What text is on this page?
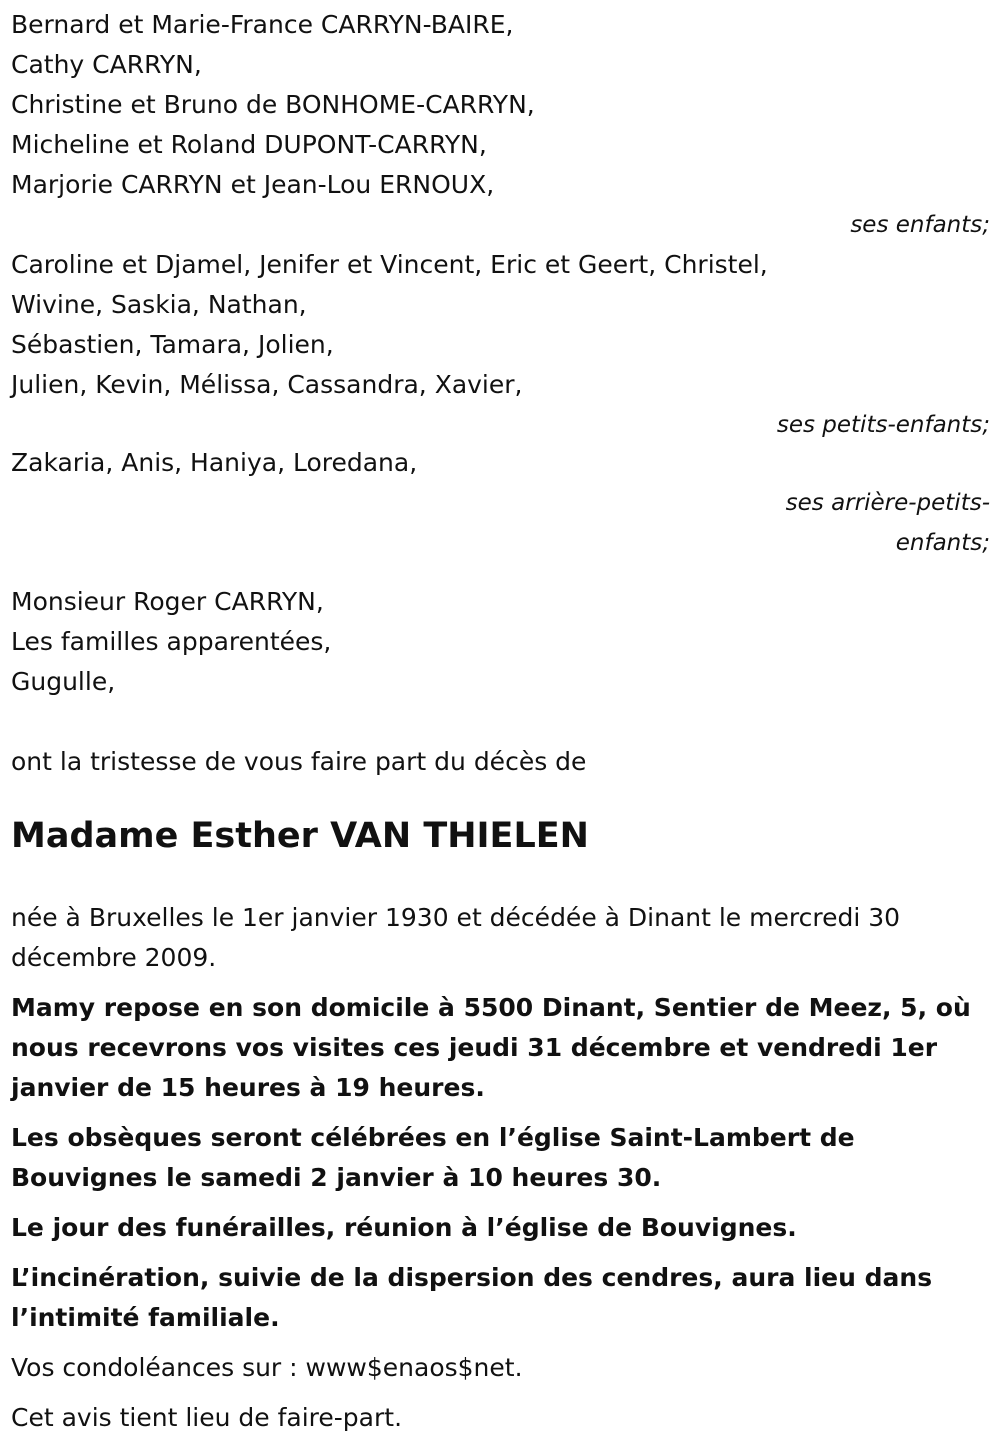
Bernard et Marie-France CARRYN-BAIRE,
Cathy CARRYN,
Christine et Bruno de BONHOME-CARRYN,
Micheline et Roland DUPONT-CARRYN,
Marjorie CARRYN et Jean-Lou ERNOUX,
ses enfants;
Caroline et Djamel, Jenifer et Vincent, Eric et Geert, Christel,
Wivine, Saskia, Nathan,
Sébastien, Tamara, Jolien,
Julien, Kevin, Mélissa, Cassandra, Xavier,
ses petits-enfants;
Zakaria, Anis, Haniya, Loredana,
ses arrière-petits-
enfants;
Monsieur Roger CARRYN,
Les familles apparentées,
Gugulle,
ont la tristesse de vous faire part du décès de
Madame Esther VAN THIELEN
née à Bruxelles le 1er janvier 1930 et décédée à Dinant le mercredi 30
décembre 2009.
Mamy repose en son domicile à 5500 Dinant, Sentier de Meez, 5, où nous recevrons vos visites ces jeudi 31 décembre et vendredi 1er janvier de 15 heures à 19 heures.
Les obsèques seront célébrées en l’église Saint-Lambert de Bouvignes le samedi 2 janvier à 10 heures 30.
Le jour des funérailles, réunion à l’église de Bouvignes.
L’incinération, suivie de la dispersion des cendres, aura lieu dans l’intimité familiale.
Vos condoléances sur : www$enaos$net.
Cet avis tient lieu de faire-part.
